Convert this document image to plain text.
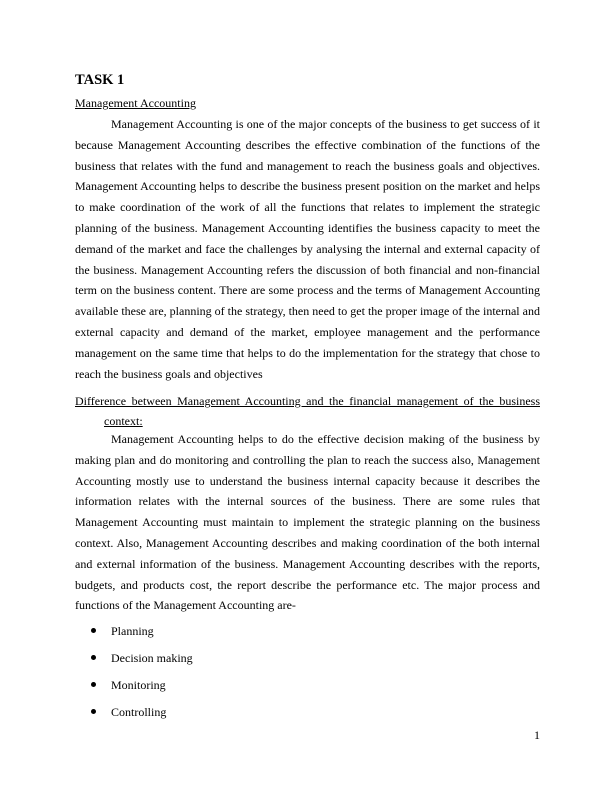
TASK 1

Management Accounting

Management Accounting is one of the major concepts of the business to get success of it because Management Accounting describes the effective combination of the functions of the business that relates with the fund and management to reach the business goals and objectives. Management Accounting helps to describe the business present position on the market and helps to make coordination of the work of all the functions that relates to implement the strategic planning of the business. Management Accounting identifies the business capacity to meet the demand of the market and face the challenges by analysing the internal and external capacity of the business. Management Accounting refers the discussion of both financial and non-financial term on the business content. There are some process and the terms of Management Accounting available these are, planning of the strategy, then need to get the proper image of the internal and external capacity and demand of the market, employee management and the performance management on the same time that helps to do the implementation for the strategy that chose to reach the business goals and objectives

Difference between Management Accounting and the financial management of the business context:

Management Accounting helps to do the effective decision making of the business by making plan and do monitoring and controlling the plan to reach the success also, Management Accounting mostly use to understand the business internal capacity because it describes the information relates with the internal sources of the business. There are some rules that Management Accounting must maintain to implement the strategic planning on the business context. Also, Management Accounting describes and making coordination of the both internal and external information of the business. Management Accounting describes with the reports, budgets, and products cost, the report describe the performance etc. The major process and functions of the Management Accounting are-

Planning
Decision making
Monitoring
Controlling
1
